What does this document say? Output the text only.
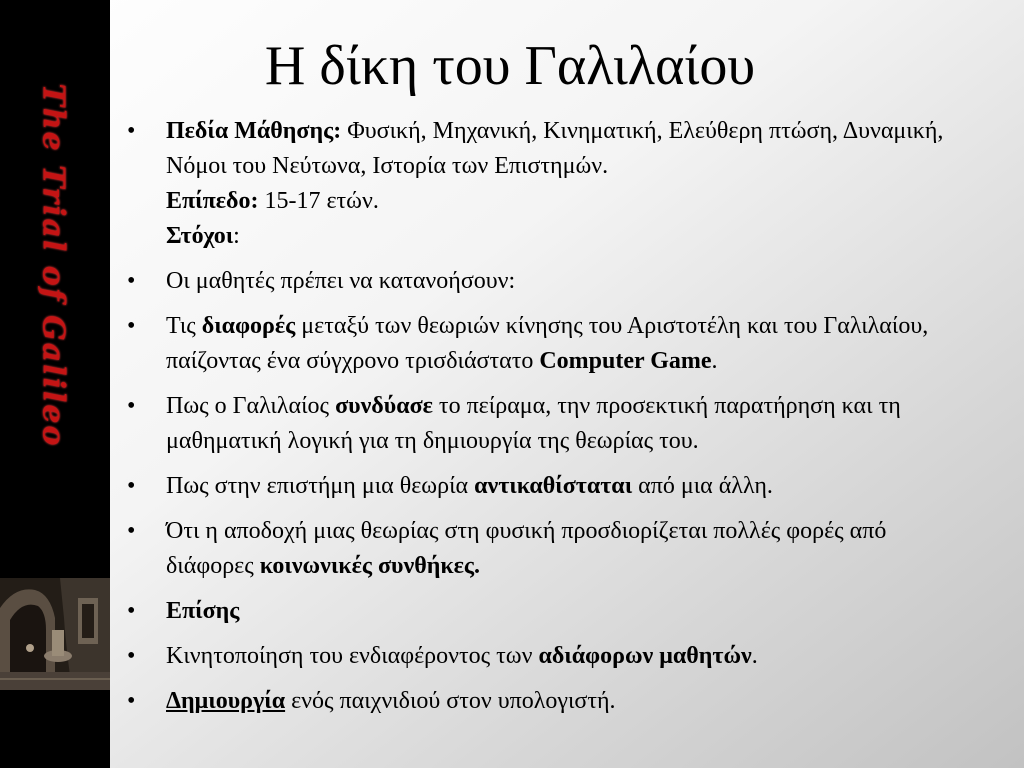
The Trial of Galileo
Η δίκη του Γαλιλαίου
• Πεδία Μάθησης: Φυσική, Μηχανική, Κινηματική, Ελεύθερη πτώση, Δυναμική, Νόμοι του Νεύτωνα, Ιστορία των Επιστημών.
Επίπεδο: 15-17 ετών.
Στόχοι:
• Οι μαθητές πρέπει να κατανοήσουν:
• Τις διαφορές μεταξύ των θεωριών κίνησης του Αριστοτέλη και του Γαλιλαίου, παίζοντας ένα σύγχρονο τρισδιάστατο Computer Game.
• Πως ο Γαλιλαίος συνδύασε το πείραμα, την προσεκτική παρατήρηση και τη μαθηματική λογική για τη δημιουργία της θεωρίας του.
• Πως στην επιστήμη μια θεωρία αντικαθίσταται από μια άλλη.
• Ότι η αποδοχή μιας θεωρίας στη φυσική προσδιορίζεται πολλές φορές από διάφορες κοινωνικές συνθήκες.
• Επίσης
• Κινητοποίηση του ενδιαφέροντος των αδιάφορων μαθητών.
• Δημιουργία ενός παιχνιδιού στον υπολογιστή.
